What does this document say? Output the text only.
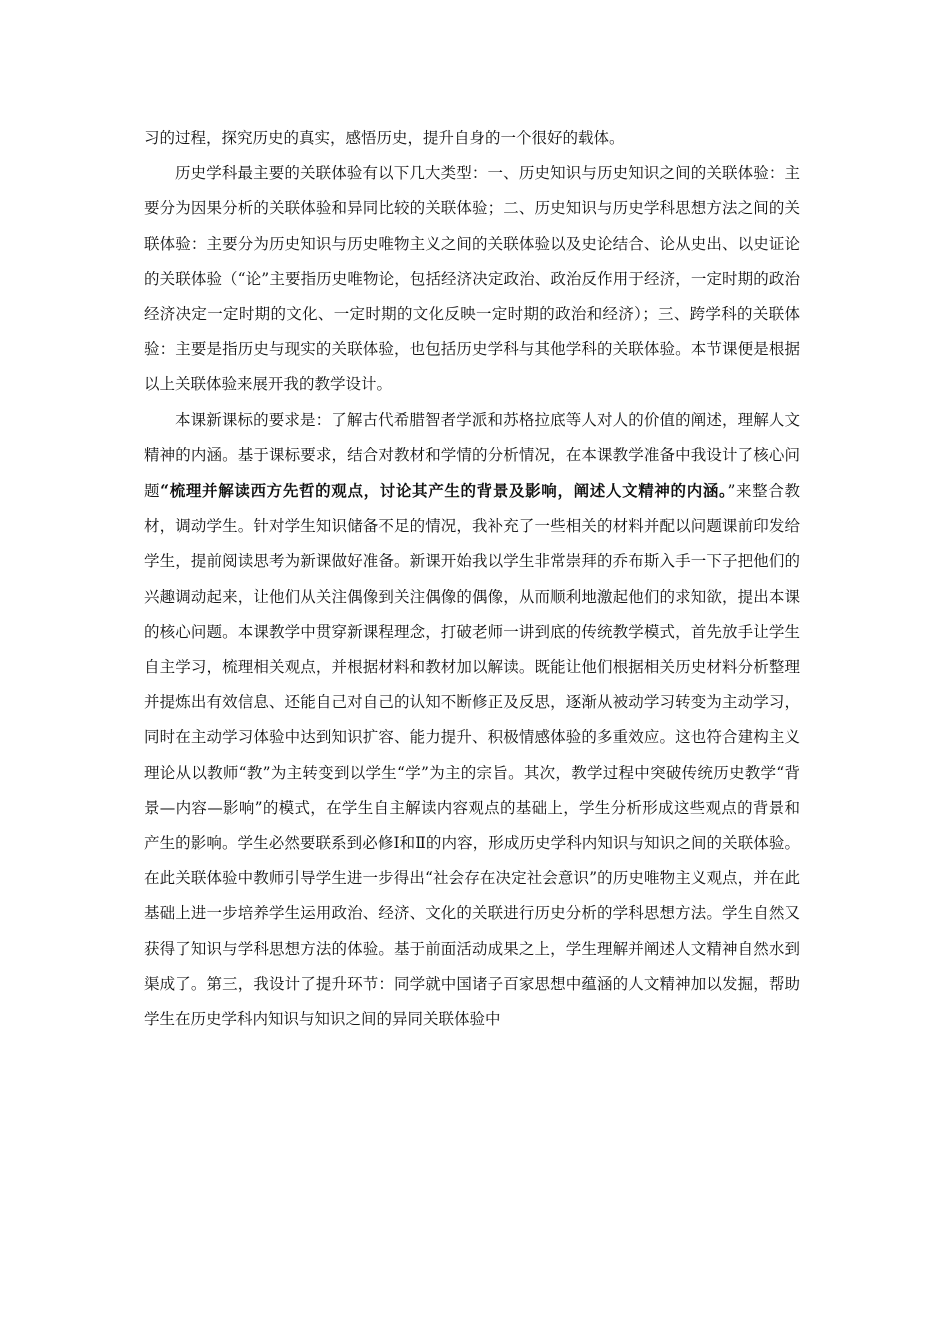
习的过程，探究历史的真实，感悟历史，提升自身的一个很好的载体。

历史学科最主要的关联体验有以下几大类型：一、历史知识与历史知识之间的关联体验：主要分为因果分析的关联体验和异同比较的关联体验；二、历史知识与历史学科思想方法之间的关联体验：主要分为历史知识与历史唯物主义之间的关联体验以及史论结合、论从史出、以史证论的关联体验（“论”主要指历史唯物论，包括经济决定政治、政治反作用于经济，一定时期的政治经济决定一定时期的文化、一定时期的文化反映一定时期的政治和经济）；三、跨学科的关联体验：主要是指历史与现实的关联体验，也包括历史学科与其他学科的关联体验。本节课便是根据以上关联体验来展开我的教学设计。

本课新课标的要求是：了解古代希腊智者学派和苏格拉底等人对人的价值的阐述，理解人文精神的内涵。基于课标要求，结合对教材和学情的分析情况，在本课教学准备中我设计了核心问题“梳理并解读西方先哲的观点，讨论其产生的背景及影响，阐述人文精神的内涵。”来整合教材，调动学生。针对学生知识储备不足的情况，我补充了一些相关的材料并配以问题课前印发给学生，提前阅读思考为新课做好准备。新课开始我以学生非常崇拜的乔布斯入手一下子把他们的兴趣调动起来，让他们从关注偶像到关注偶像的偶像，从而顺利地激起他们的求知欲，提出本课的核心问题。本课教学中贯穿新课程理念，打破老师一讲到底的传统教学模式，首先放手让学生自主学习，梳理相关观点，并根据材料和教材加以解读。既能让他们根据相关历史材料分析整理并提炼出有效信息、还能自己对自己的认知不断修正及反思，逐渐从被动学习转变为主动学习，同时在主动学习体验中达到知识扩容、能力提升、积极情感体验的多重效应。这也符合建构主义理论从以教师“教”为主转变到以学生“学”为主的宗旨。其次，教学过程中突破传统历史教学“背景—内容—影响”的模式，在学生自主解读内容观点的基础上，学生分析形成这些观点的背景和产生的影响。学生必然要联系到必修Ⅰ和Ⅱ的内容，形成历史学科内知识与知识之间的关联体验。在此关联体验中教师引导学生进一步得出“社会存在决定社会意识”的历史唯物主义观点，并在此基础上进一步培养学生运用政治、经济、文化的关联进行历史分析的学科思想方法。学生自然又获得了知识与学科思想方法的体验。基于前面活动成果之上，学生理解并阐述人文精神自然水到渠成了。第三，我设计了提升环节：同学就中国诸子百家思想中蕴涵的人文精神加以发掘，帮助学生在历史学科内知识与知识之间的异同关联体验中
